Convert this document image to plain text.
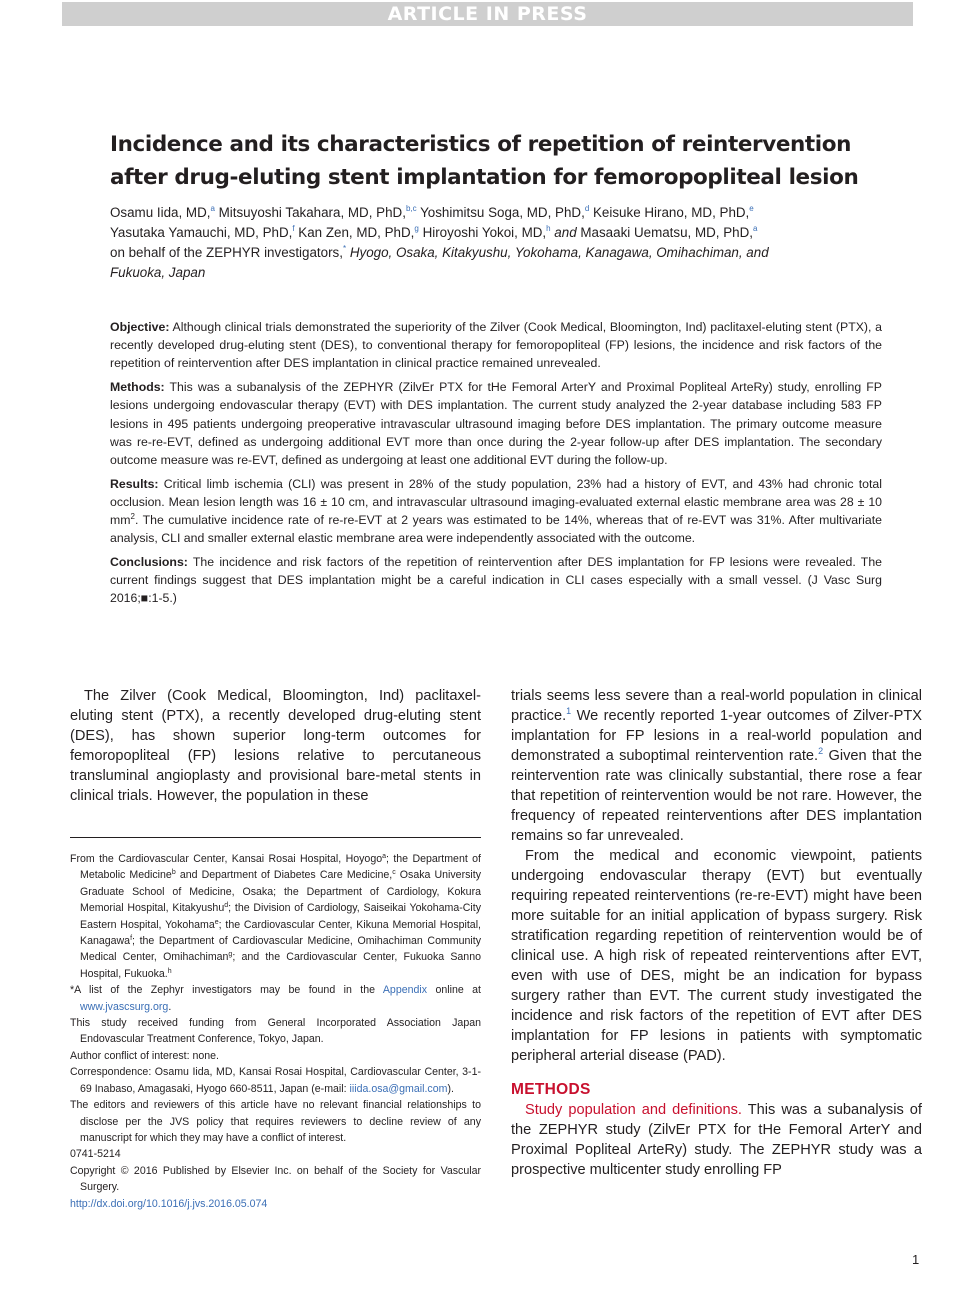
ARTICLE IN PRESS
Incidence and its characteristics of repetition of reintervention
after drug-eluting stent implantation for femoropopliteal lesion
Osamu Iida, MD,$^a$ Mitsuyoshi Takahara, MD, PhD,$^{b,c}$ Yoshimitsu Soga, MD, PhD,$^d$ Keisuke Hirano, MD, PhD,$^e$
Yasutaka Yamauchi, MD, PhD,$^f$ Kan Zen, MD, PhD,$^g$ Hiroyoshi Yokoi, MD,$^h$ and Masaaki Uematsu, MD, PhD,$^a$
on behalf of the ZEPHYR investigators,* Hyogo, Osaka, Kitakyushu, Yokohama, Kanagawa, Omihachiman, and
Fukuoka, Japan

Objective: Although clinical trials demonstrated the superiority of the Zilver (Cook Medical, Bloomington, Ind) paclitaxel-eluting stent (PTX), a recently developed drug-eluting stent (DES), to conventional therapy for femoropopliteal (FP) lesions, the incidence and risk factors of the repetition of reintervention after DES implantation in clinical practice remained unrevealed.

Methods: This was a subanalysis of the ZEPHYR (ZilvEr PTX for tHe Femoral ArterY and Proximal Popliteal ArteRy) study, enrolling FP lesions undergoing endovascular therapy (EVT) with DES implantation. The current study analyzed the 2-year database including 583 FP lesions in 495 patients undergoing preoperative intravascular ultrasound imaging before DES implantation. The primary outcome measure was re-re-EVT, defined as undergoing additional EVT more than once during the 2-year follow-up after DES implantation. The secondary outcome measure was re-EVT, defined as undergoing at least one additional EVT during the follow-up.

Results: Critical limb ischemia (CLI) was present in 28% of the study population, 23% had a history of EVT, and 43% had chronic total occlusion. Mean lesion length was 16 ± 10 cm, and intravascular ultrasound imaging-evaluated external elastic membrane area was 28 ± 10 $mm^2$. The cumulative incidence rate of re-re-EVT at 2 years was estimated to be 14%, whereas that of re-EVT was 31%. After multivariate analysis, CLI and smaller external elastic membrane area were independently associated with the outcome.

Conclusions: The incidence and risk factors of the repetition of reintervention after DES implantation for FP lesions were revealed. The current findings suggest that DES implantation might be a careful indication in CLI cases especially with a small vessel. (J Vasc Surg 2016;■:1-5.)

The Zilver (Cook Medical, Bloomington, Ind) paclitaxel-eluting stent (PTX), a recently developed drug-eluting stent (DES), has shown superior long-term outcomes for femoropopliteal (FP) lesions relative to percutaneous transluminal angioplasty and provisional bare-metal stents in clinical trials. However, the population in these

From the Cardiovascular Center, Kansai Rosai Hospital, Hoyogo$^a$; the Department of Metabolic Medicine$^b$ and Department of Diabetes Care Medicine,$^c$ Osaka University Graduate School of Medicine, Osaka; the Department of Cardiology, Kokura Memorial Hospital, Kitakyushu$^d$; the Division of Cardiology, Saiseikai Yokohama-City Eastern Hospital, Yokohama$^e$; the Cardiovascular Center, Kikuna Memorial Hospital, Kanagawa$^f$; the Department of Cardiovascular Medicine, Omihachiman Community Medical Center, Omihachiman$^g$; and the Cardiovascular Center, Fukuoka Sanno Hospital, Fukuoka.$^h$

*A list of the Zephyr investigators may be found in the Appendix online at www.jvascsurg.org.

This study received funding from General Incorporated Association Japan Endovascular Treatment Conference, Tokyo, Japan.

Author conflict of interest: none.

Correspondence: Osamu Iida, MD, Kansai Rosai Hospital, Cardiovascular Center, 3-1-69 Inabaso, Amagasaki, Hyogo 660-8511, Japan (e-mail: iiida.osa@gmail.com).

The editors and reviewers of this article have no relevant financial relationships to disclose per the JVS policy that requires reviewers to decline review of any manuscript for which they may have a conflict of interest.

0741-5214

Copyright © 2016 Published by Elsevier Inc. on behalf of the Society for Vascular Surgery.

http://dx.doi.org/10.1016/j.jvs.2016.05.074

trials seems less severe than a real-world population in clinical practice.$^1$ We recently reported 1-year outcomes of Zilver-PTX implantation for FP lesions in a real-world population and demonstrated a suboptimal reintervention rate.$^2$ Given that the reintervention rate was clinically substantial, there rose a fear that repetition of reintervention would be not rare. However, the frequency of repeated reinterventions after DES implantation remains so far unrevealed.

From the medical and economic viewpoint, patients undergoing endovascular therapy (EVT) but eventually requiring repeated reinterventions (re-re-EVT) might have been more suitable for an initial application of bypass surgery. Risk stratification regarding repetition of reintervention would be of clinical use. A high risk of repeated reinterventions after EVT, even with use of DES, might be an indication for bypass surgery rather than EVT. The current study investigated the incidence and risk factors of the repetition of EVT after DES implantation for FP lesions in patients with symptomatic peripheral arterial disease (PAD).

METHODS

Study population and definitions. This was a subanalysis of the ZEPHYR study (ZilvEr PTX for tHe Femoral ArterY and Proximal Popliteal ArteRy) study. The ZEPHYR study was a prospective multicenter study enrolling FP

1
